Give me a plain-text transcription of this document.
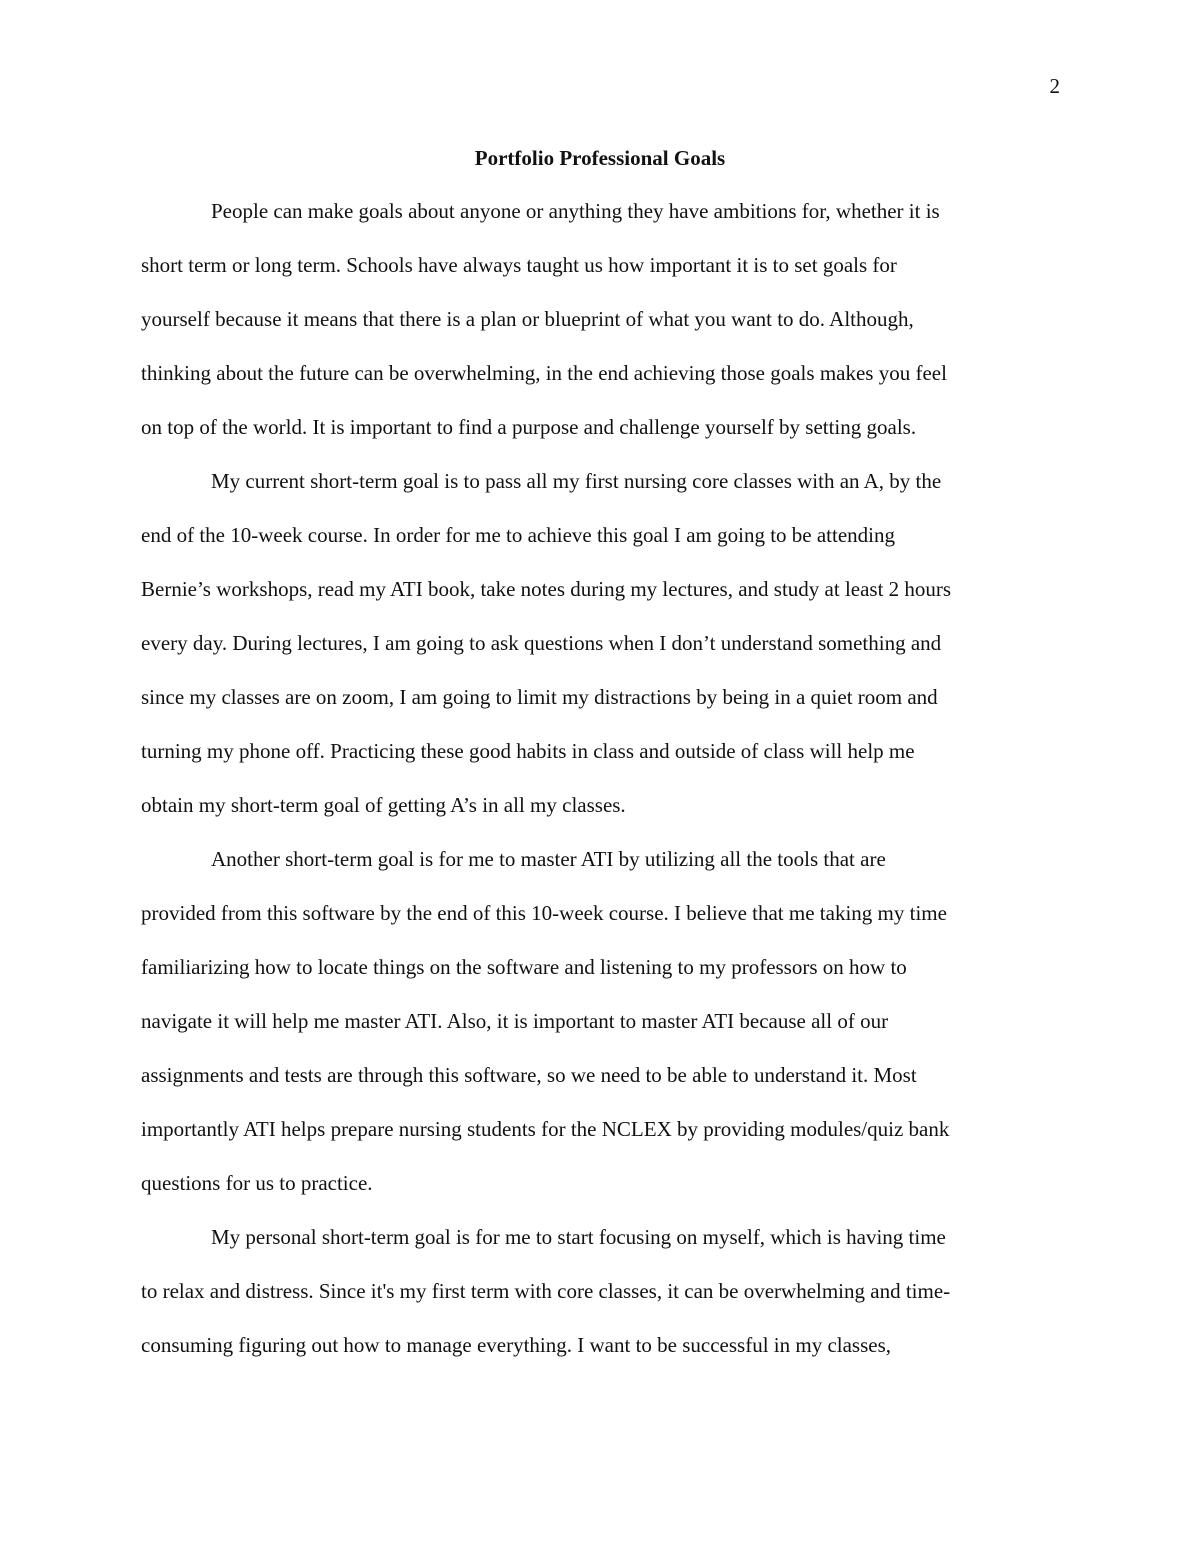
2
Portfolio Professional Goals

People can make goals about anyone or anything they have ambitions for, whether it is

short term or long term. Schools have always taught us how important it is to set goals for

yourself because it means that there is a plan or blueprint of what you want to do. Although,

thinking about the future can be overwhelming, in the end achieving those goals makes you feel

on top of the world. It is important to find a purpose and challenge yourself by setting goals.

My current short-term goal is to pass all my first nursing core classes with an A, by the

end of the 10-week course. In order for me to achieve this goal I am going to be attending

Bernie’s workshops, read my ATI book, take notes during my lectures, and study at least 2 hours

every day. During lectures, I am going to ask questions when I don’t understand something and

since my classes are on zoom, I am going to limit my distractions by being in a quiet room and

turning my phone off. Practicing these good habits in class and outside of class will help me

obtain my short-term goal of getting A’s in all my classes.

Another short-term goal is for me to master ATI by utilizing all the tools that are

provided from this software by the end of this 10-week course. I believe that me taking my time

familiarizing how to locate things on the software and listening to my professors on how to

navigate it will help me master ATI. Also, it is important to master ATI because all of our

assignments and tests are through this software, so we need to be able to understand it. Most

importantly ATI helps prepare nursing students for the NCLEX by providing modules/quiz bank

questions for us to practice.

My personal short-term goal is for me to start focusing on myself, which is having time

to relax and distress. Since it's my first term with core classes, it can be overwhelming and time-

consuming figuring out how to manage everything. I want to be successful in my classes,
